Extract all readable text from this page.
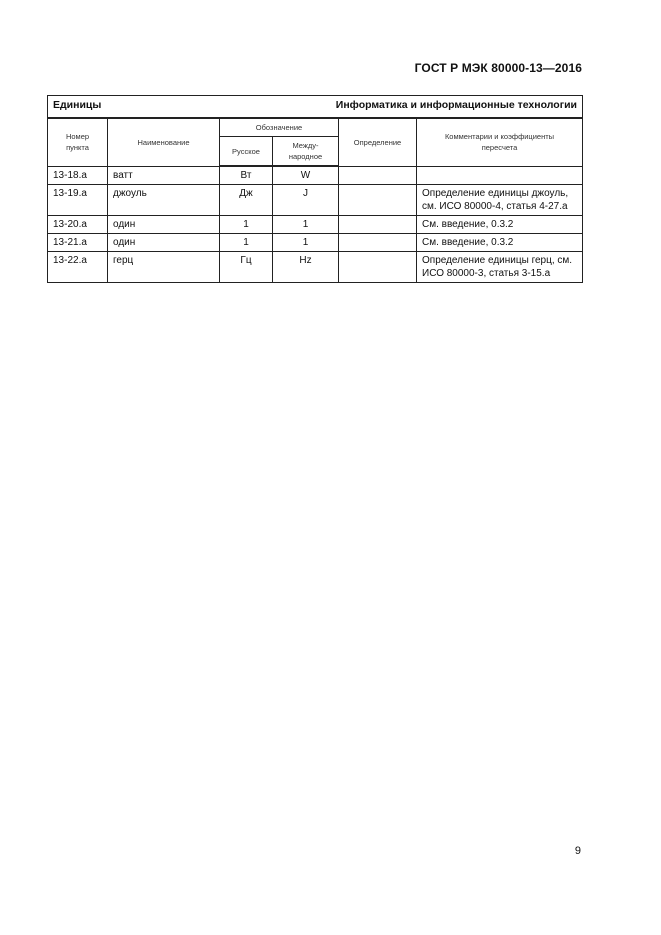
ГОСТ Р МЭК 80000-13—2016
Единицы Информатика и информационные технологии					

Номер пункта	Наименование	Обозначение		Определение	Комментарии и коэффициенты пересчета
		Русское	Между-народное		
13-18.a	ватт	Вт	W		
13-19.a	джоуль	Дж	J		Определение единицы джоуль, см. ИСО 80000-4, статья 4-27.a
13-20.a	один	1	1		См. введение, 0.3.2
13-21.a	один	1	1		См. введение, 0.3.2
13-22.a	герц	Гц	Hz		Определение единицы герц, см. ИСО 80000-3, статья 3-15.a
9
